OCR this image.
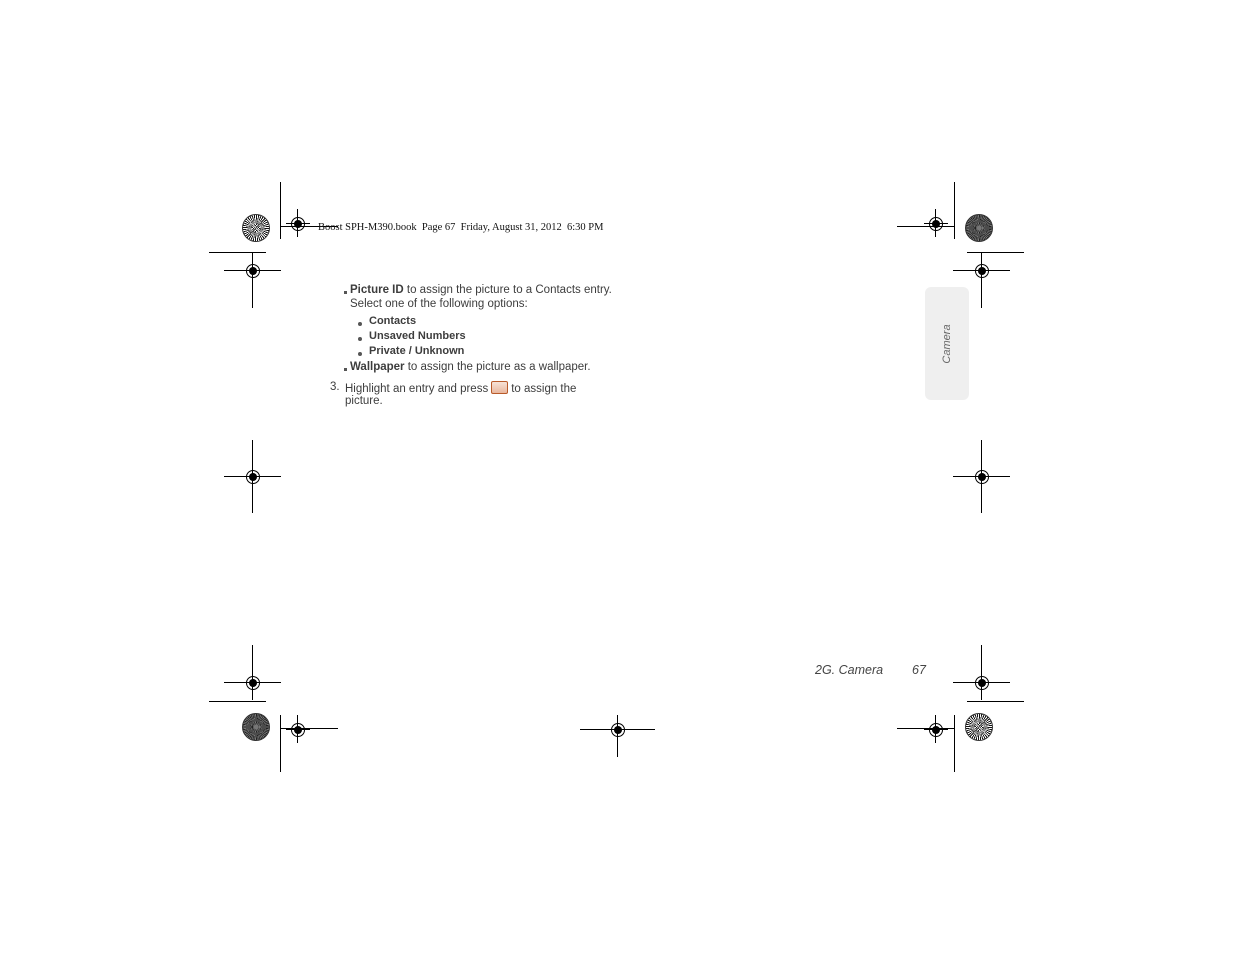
Boost SPH-M390.book  Page 67  Friday, August 31, 2012  6:30 PM
Picture ID to assign the picture to a Contacts entry.
Select one of the following options:
Contacts
Unsaved Numbers
Private / Unknown
Wallpaper to assign the picture as a wallpaper.
3. Highlight an entry and press to assign the
picture.
Camera
2G. Camera 67
